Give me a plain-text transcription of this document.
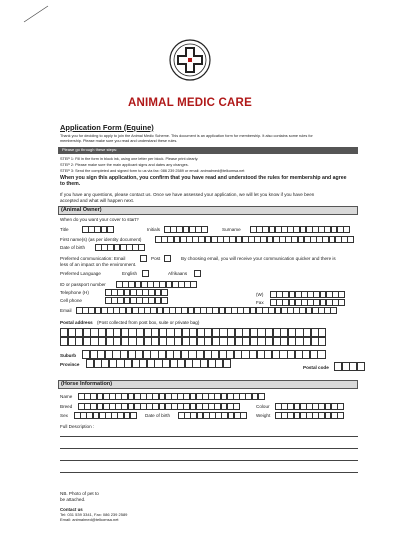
ANIMAL MEDIC CARE
Application Form (Equine)
Thank you for deciding to apply to join the Animal Medic Scheme. This document is an application form for membership. It also contains some rules for
membership. Please make sure you read and understand these rules.
Please go through these steps:
STEP 1: Fill in the form in block ink, using one letter per block. Please print clearly.
STEP 2: Please make sure the main applicant signs and dates any changes.
STEP 3: Send the completed and signed form to us via fax: 086 239 2589 or email: animalmed@telkomsa.net
When you sign this application, you confirm that you have read and understood the rules for membership and agree
to them.
If you have any questions, please contact us. Once we have assessed your application, we will let you know if you have been
accepted and what will happen next.
(Animal Owner)
When do you want your cover to start?
Title	Initials	Surname
First name(s) (as per identity document)
Date of birth
Preferred communication: Email	Post	By choosing email, you will receive your communication quicker and there is
less of an impact on the environment.
Preferred Language	English	Afrikaans
ID or passport number
Telephone (H)	(W)
Cell phone	Fax
Email
Postal address (Post collected from post box, suite or private bag)
Suburb
Province
Postal code
(Horse Information)
Name
Breed	Colour
Sex	Date of birth	Weight
Full Description :
NB. Photo of pet to
be attached.
Contact us
Tel: 031 539 3341, Fax: 086 239 2589
Email: animalmed@telkomsa.net
